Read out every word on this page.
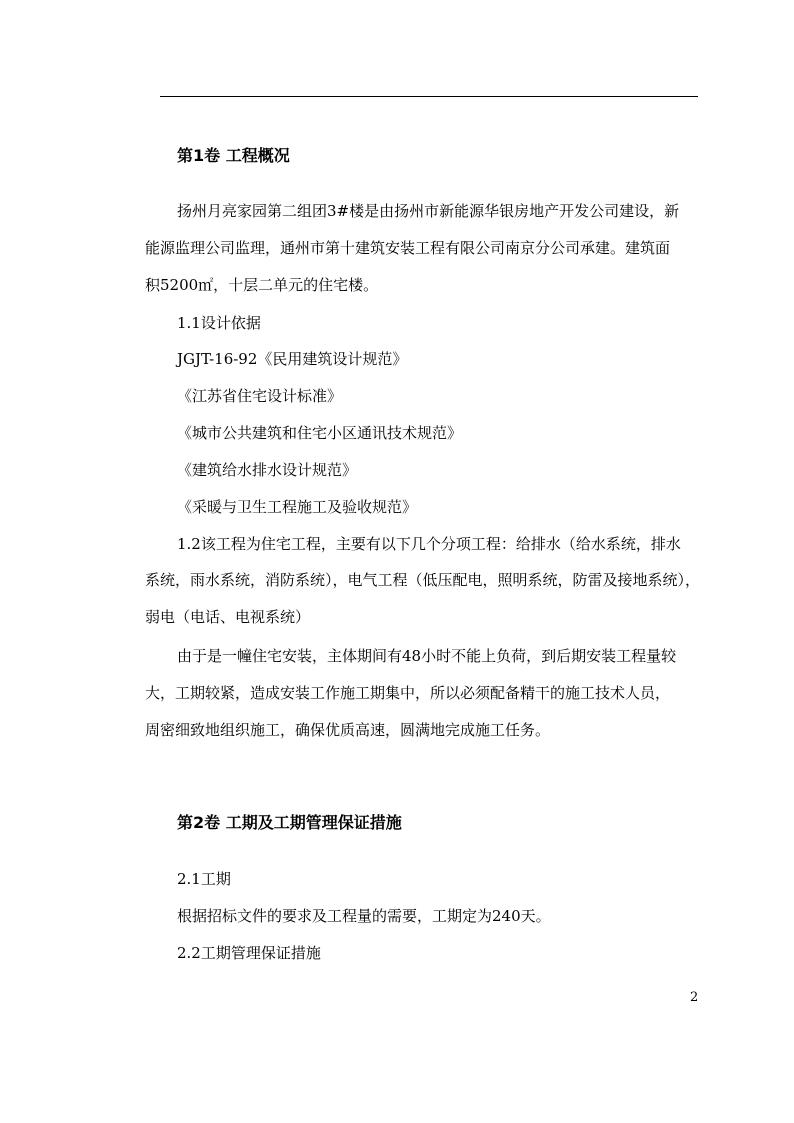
第1卷 工程概况
扬州月亮家园第二组团3#楼是由扬州市新能源华银房地产开发公司建设，新
能源监理公司监理，通州市第十建筑安装工程有限公司南京分公司承建。建筑面
积5200㎡，十层二单元的住宅楼。
1.1设计依据
JGJT-16-92《民用建筑设计规范》
《江苏省住宅设计标准》
《城市公共建筑和住宅小区通讯技术规范》
《建筑给水排水设计规范》
《采暖与卫生工程施工及验收规范》
1.2该工程为住宅工程，主要有以下几个分项工程：给排水（给水系统，排水
系统，雨水系统，消防系统），电气工程（低压配电，照明系统，防雷及接地系统），
弱电（电话、电视系统）
由于是一幢住宅安装，主体期间有48小时不能上负荷，到后期安装工程量较
大，工期较紧，造成安装工作施工期集中，所以必须配备精干的施工技术人员，
周密细致地组织施工，确保优质高速，圆满地完成施工任务。
第2卷 工期及工期管理保证措施
2.1工期
根据招标文件的要求及工程量的需要，工期定为240天。
2.2工期管理保证措施
2
